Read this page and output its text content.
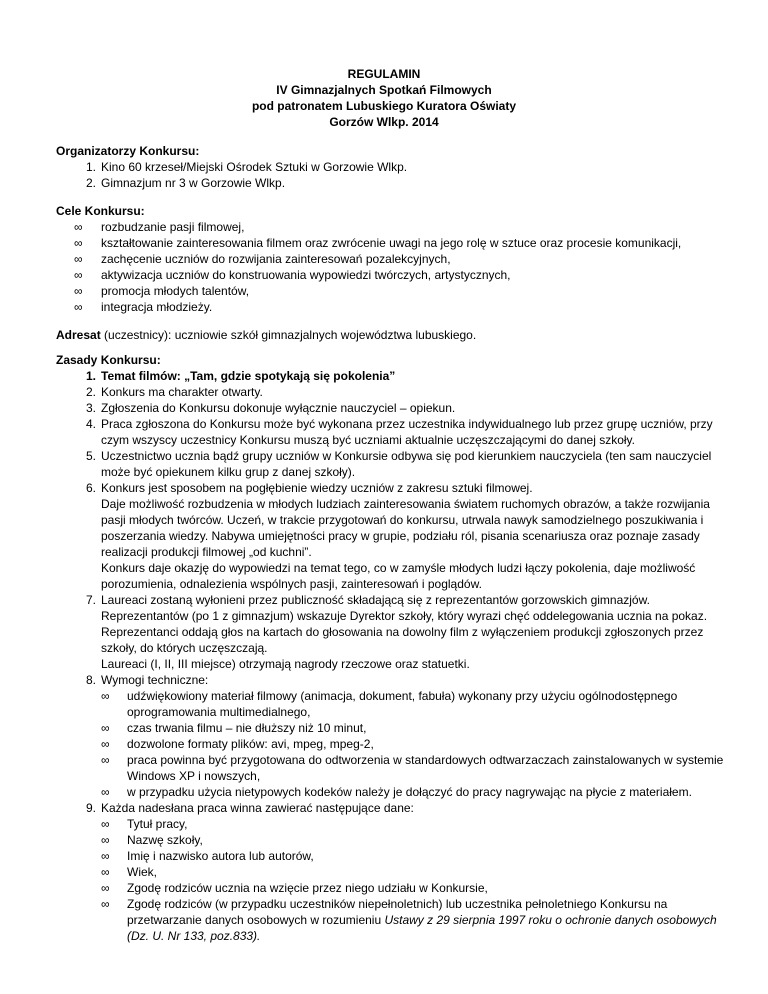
REGULAMIN
IV Gimnazjalnych Spotkań Filmowych
pod patronatem Lubuskiego Kuratora Oświaty
Gorzów Wlkp. 2014
Organizatorzy Konkursu:
1 . Kino 60 krzeseł/Miejski Ośrodek Sztuki w Gorzowie Wlkp.
2 . Gimnazjum nr 3 w Gorzowie Wlkp.
Cele Konkursu:
∞ rozbudzanie pasji filmowej,
∞ kształtowanie zainteresowania filmem oraz zwrócenie uwagi na jego rolę w sztuce oraz procesie komunikacji,
∞ zachęcenie uczniów do rozwijania zainteresowań pozalekcyjnych,
∞ aktywizacja uczniów do konstruowania wypowiedzi twórczych, artystycznych,
∞ promocja młodych talentów,
∞ integracja młodzieży.
Adresat (uczestnicy): uczniowie szkół gimnazjalnych województwa lubuskiego.
Zasady Konkursu:
1 . Temat filmów: „Tam, gdzie spotykają się pokolenia”
2 . Konkurs ma charakter otwarty.
3 . Zgłoszenia do Konkursu dokonuje wyłącznie nauczyciel – opiekun.
4 . Praca zgłoszona do Konkursu może być wykonana przez uczestnika indywidualnego lub przez grupę uczniów, przy czym wszyscy uczestnicy Konkursu muszą być uczniami aktualnie uczęszczającymi do danej szkoły.
5 . Uczestnictwo ucznia bądź grupy uczniów w Konkursie odbywa się pod kierunkiem nauczyciela (ten sam nauczyciel może być opiekunem kilku grup z danej szkoły).
6 . Konkurs jest sposobem na pogłębienie wiedzy uczniów z zakresu sztuki filmowej.
Daje możliwość rozbudzenia w młodych ludziach zainteresowania światem ruchomych obrazów, a także rozwijania pasji młodych twórców. Uczeń, w trakcie przygotowań do konkursu, utrwala nawyk samodzielnego poszukiwania i poszerzania wiedzy. Nabywa umiejętności pracy w grupie, podziału ról, pisania scenariusza oraz poznaje zasady realizacji produkcji filmowej „od kuchni”.
Konkurs daje okazję do wypowiedzi na temat tego, co w zamyśle młodych ludzi łączy pokolenia, daje możliwość porozumienia, odnalezienia wspólnych pasji, zainteresowań i poglądów.
7 . Laureaci zostaną wyłonieni przez publiczność składającą się z reprezentantów gorzowskich gimnazjów.
Reprezentantów (po 1 z gimnazjum) wskazuje Dyrektor szkoły, który wyrazi chęć oddelegowania ucznia na pokaz.
Reprezentanci oddają głos na kartach do głosowania na dowolny film z wyłączeniem produkcji zgłoszonych przez szkoły, do których uczęszczają.
Laureaci (I, II, III miejsce) otrzymają nagrody rzeczowe oraz statuetki.
8 . Wymogi techniczne:
∞ udźwiękowiony materiał filmowy (animacja, dokument, fabuła) wykonany przy użyciu ogólnodostępnego oprogramowania multimedialnego,
∞ czas trwania filmu – nie dłuższy niż 10 minut,
∞ dozwolone formaty plików: avi, mpeg, mpeg-2,
∞ praca powinna być przygotowana do odtworzenia w standardowych odtwarzaczach zainstalowanych w systemie Windows XP i nowszych,
∞ w przypadku użycia nietypowych kodeków należy je dołączyć do pracy nagrywając na płycie z materiałem.
9 . Każda nadesłana praca winna zawierać następujące dane:
∞ Tytuł pracy,
∞ Nazwę szkoły,
∞ Imię i nazwisko autora lub autorów,
∞ Wiek,
∞ Zgodę rodziców ucznia na wzięcie przez niego udziału w Konkursie,
∞ Zgodę rodziców (w przypadku uczestników niepełnoletnich) lub uczestnika pełnoletniego Konkursu na przetwarzanie danych osobowych w rozumieniu Ustawy z 29 sierpnia 1997 roku o ochronie danych osobowych (Dz. U. Nr 133, poz.833).
